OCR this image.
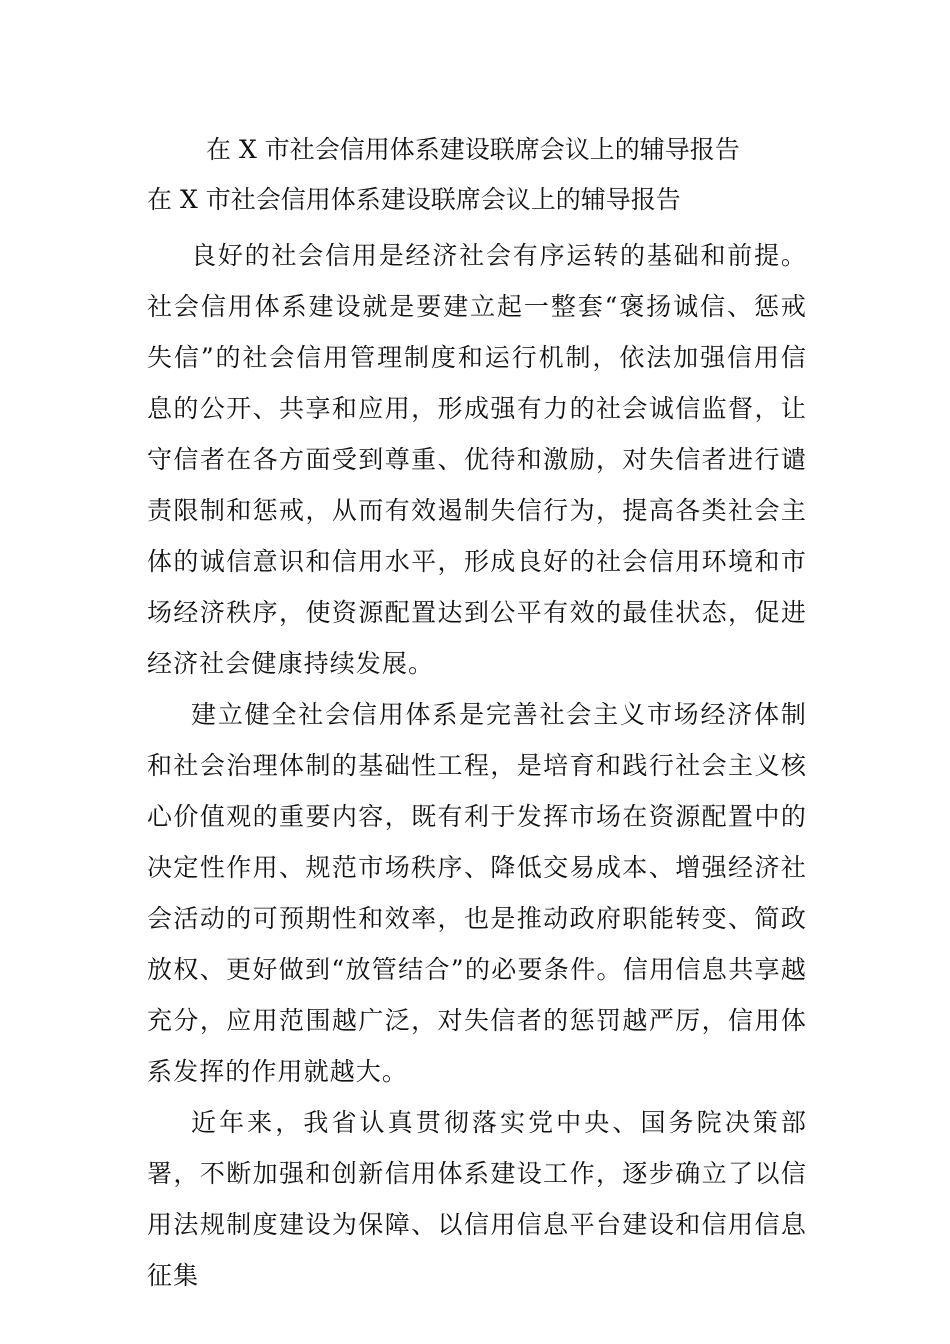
在 X 市社会信用体系建设联席会议上的辅导报告
在 X 市社会信用体系建设联席会议上的辅导报告

良好的社会信用是经济社会有序运转的基础和前提。社会信用体系建设就是要建立起一整套“褒扬诚信、惩戒失信”的社会信用管理制度和运行机制，依法加强信用信息的公开、共享和应用，形成强有力的社会诚信监督，让守信者在各方面受到尊重、优待和激励，对失信者进行谴责限制和惩戒，从而有效遏制失信行为，提高各类社会主体的诚信意识和信用水平，形成良好的社会信用环境和市场经济秩序，使资源配置达到公平有效的最佳状态，促进经济社会健康持续发展。

建立健全社会信用体系是完善社会主义市场经济体制和社会治理体制的基础性工程，是培育和践行社会主义核心价值观的重要内容，既有利于发挥市场在资源配置中的决定性作用、规范市场秩序、降低交易成本、增强经济社会活动的可预期性和效率，也是推动政府职能转变、简政放权、更好做到“放管结合”的必要条件。信用信息共享越充分，应用范围越广泛，对失信者的惩罚越严厉，信用体系发挥的作用就越大。

近年来，我省认真贯彻落实党中央、国务院决策部署，不断加强和创新信用体系建设工作，逐步确立了以信用法规制度建设为保障、以信用信息平台建设和信用信息征集
